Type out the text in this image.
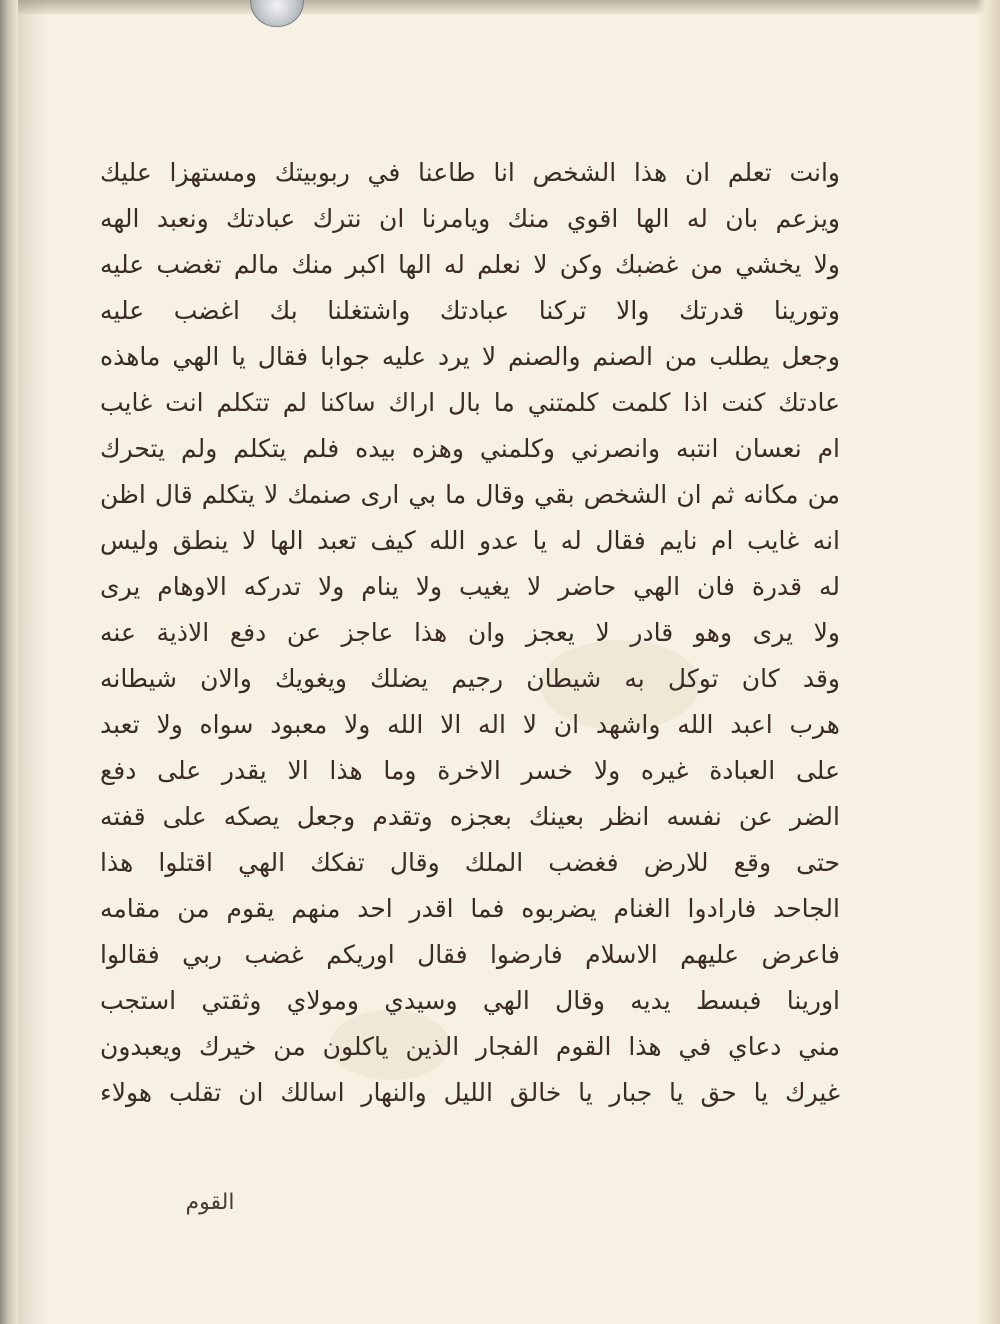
وانت تعلم ان هذا الشخص انا طاعنا في ربوبيتك ومستهزا عليك

ويزعم بان له الها اقوي منك ويامرنا ان نترك عبادتك ونعبد الهه

ولا يخشي من غضبك وكن لا نعلم له الها اكبر منك مالم تغضب عليه

وتورينا قدرتك والا تركنا عبادتك واشتغلنا بك اغضب عليه

وجعل يطلب من الصنم والصنم لا يرد عليه جوابا فقال يا الهي ماهذه

عادتك كنت اذا كلمت كلمتني ما بال اراك ساكنا لم تتكلم انت غايب

ام نعسان انتبه وانصرني وكلمني وهزه بيده فلم يتكلم ولم يتحرك

من مكانه ثم ان الشخص بقي وقال ما بي ارى صنمك لا يتكلم قال اظن

انه غايب ام نايم فقال له يا عدو الله كيف تعبد الها لا ينطق وليس

له قدرة فان الهي حاضر لا يغيب ولا ينام ولا تدركه الاوهام يرى

ولا يرى وهو قادر لا يعجز وان هذا عاجز عن دفع الاذية عنه

وقد كان توكل به شيطان رجيم يضلك ويغويك والان شيطانه

هرب اعبد الله واشهد ان لا اله الا الله ولا معبود سواه ولا تعبد

على العبادة غيره ولا خسر الاخرة وما هذا الا يقدر على دفع

الضر عن نفسه انظر بعينك بعجزه وتقدم وجعل يصكه على قفته

حتى وقع للارض فغضب الملك وقال تفكك الهي اقتلوا هذا

الجاحد فارادوا الغنام يضربوه فما اقدر احد منهم يقوم من مقامه

فاعرض عليهم الاسلام فارضوا فقال اوريكم غضب ربي فقالوا

اورينا فبسط يديه وقال الهي وسيدي ومولاي وثقتي استجب

مني دعاي في هذا القوم الفجار الذين ياكلون من خيرك ويعبدون

غيرك يا حق يا جبار يا خالق الليل والنهار اسالك ان تقلب هولاء

القوم
